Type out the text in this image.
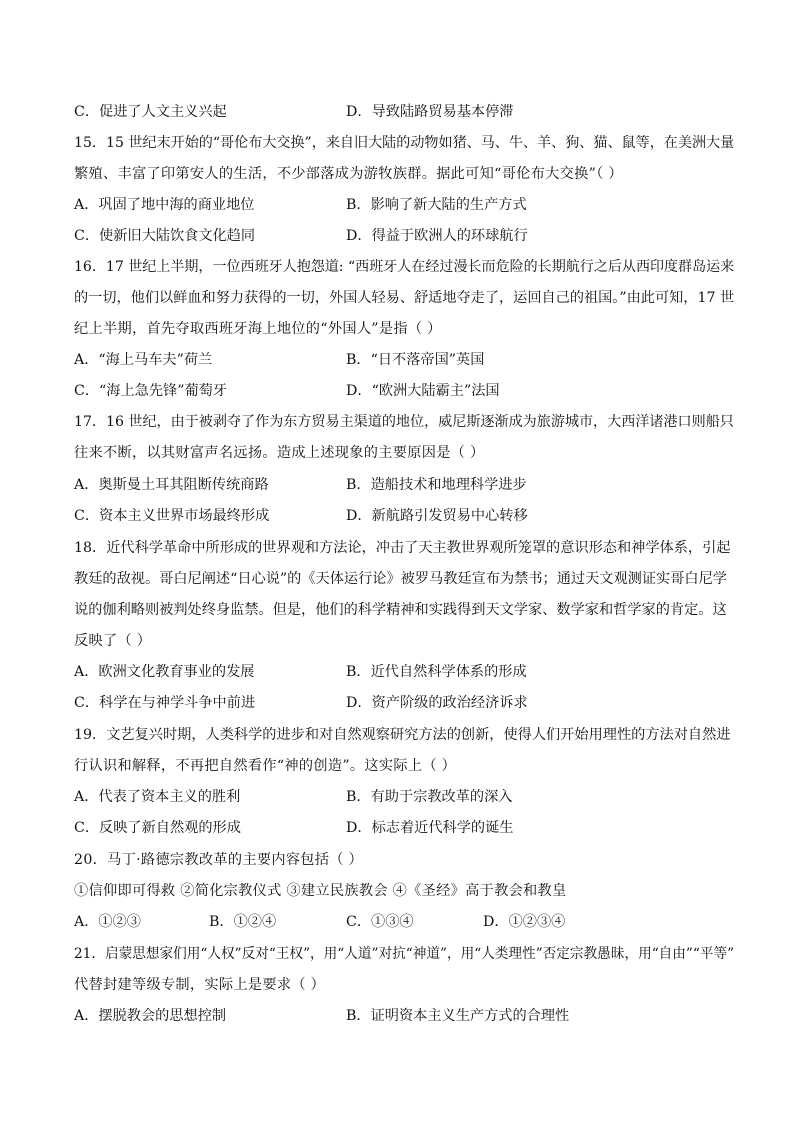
C．促进了人文主义兴起	D．导致陆路贸易基本停滞
15．15 世纪末开始的“哥伦布大交换”，来自旧大陆的动物如猪、马、牛、羊、狗、猫、鼠等，在美洲大量
繁殖、丰富了印第安人的生活，不少部落成为游牧族群。据此可知“哥伦布大交换”（ ）
A．巩固了地中海的商业地位	B．影响了新大陆的生产方式
C．使新旧大陆饮食文化趋同	D．得益于欧洲人的环球航行
16．17 世纪上半期，一位西班牙人抱怨道: “西班牙人在经过漫长而危险的长期航行之后从西印度群岛运来
的一切，他们以鲜血和努力获得的一切，外国人轻易、舒适地夺走了，运回自己的祖国。”由此可知，17 世
纪上半期，首先夺取西班牙海上地位的“外国人”是指（ ）
A．“海上马车夫”荷兰	B．“日不落帝国”英国
C．“海上急先锋”葡萄牙	D．“欧洲大陆霸主”法国
17．16 世纪，由于被剥夺了作为东方贸易主渠道的地位，威尼斯逐渐成为旅游城市，大西洋诸港口则船只
往来不断，以其财富声名远扬。造成上述现象的主要原因是（ ）
A．奥斯曼土耳其阻断传统商路	B．造船技术和地理科学进步
C．资本主义世界市场最终形成	D．新航路引发贸易中心转移
18．近代科学革命中所形成的世界观和方法论，冲击了天主教世界观所笼罩的意识形态和神学体系，引起
教廷的敌视。哥白尼阐述“日心说”的《天体运行论》被罗马教廷宣布为禁书；通过天文观测证实哥白尼学
说的伽利略则被判处终身监禁。但是，他们的科学精神和实践得到天文学家、数学家和哲学家的肯定。这
反映了（ ）
A．欧洲文化教育事业的发展	B．近代自然科学体系的形成
C．科学在与神学斗争中前进	D．资产阶级的政治经济诉求
19．文艺复兴时期，人类科学的进步和对自然观察研究方法的创新，使得人们开始用理性的方法对自然进
行认识和解释，不再把自然看作“神的创造”。这实际上（ ）
A．代表了资本主义的胜利	B．有助于宗教改革的深入
C．反映了新自然观的形成	D．标志着近代科学的诞生
20．马丁·路德宗教改革的主要内容包括（ ）
①信仰即可得救 ②简化宗教仪式 ③建立民族教会 ④《圣经》高于教会和教皇
A．①②③	B．①②④	C．①③④	D．①②③④
21．启蒙思想家们用“人权”反对“王权”，用“人道”对抗“神道”，用“人类理性”否定宗教愚昧，用“自由”“平等”
代替封建等级专制，实际上是要求（ ）
A．摆脱教会的思想控制	B．证明资本主义生产方式的合理性
